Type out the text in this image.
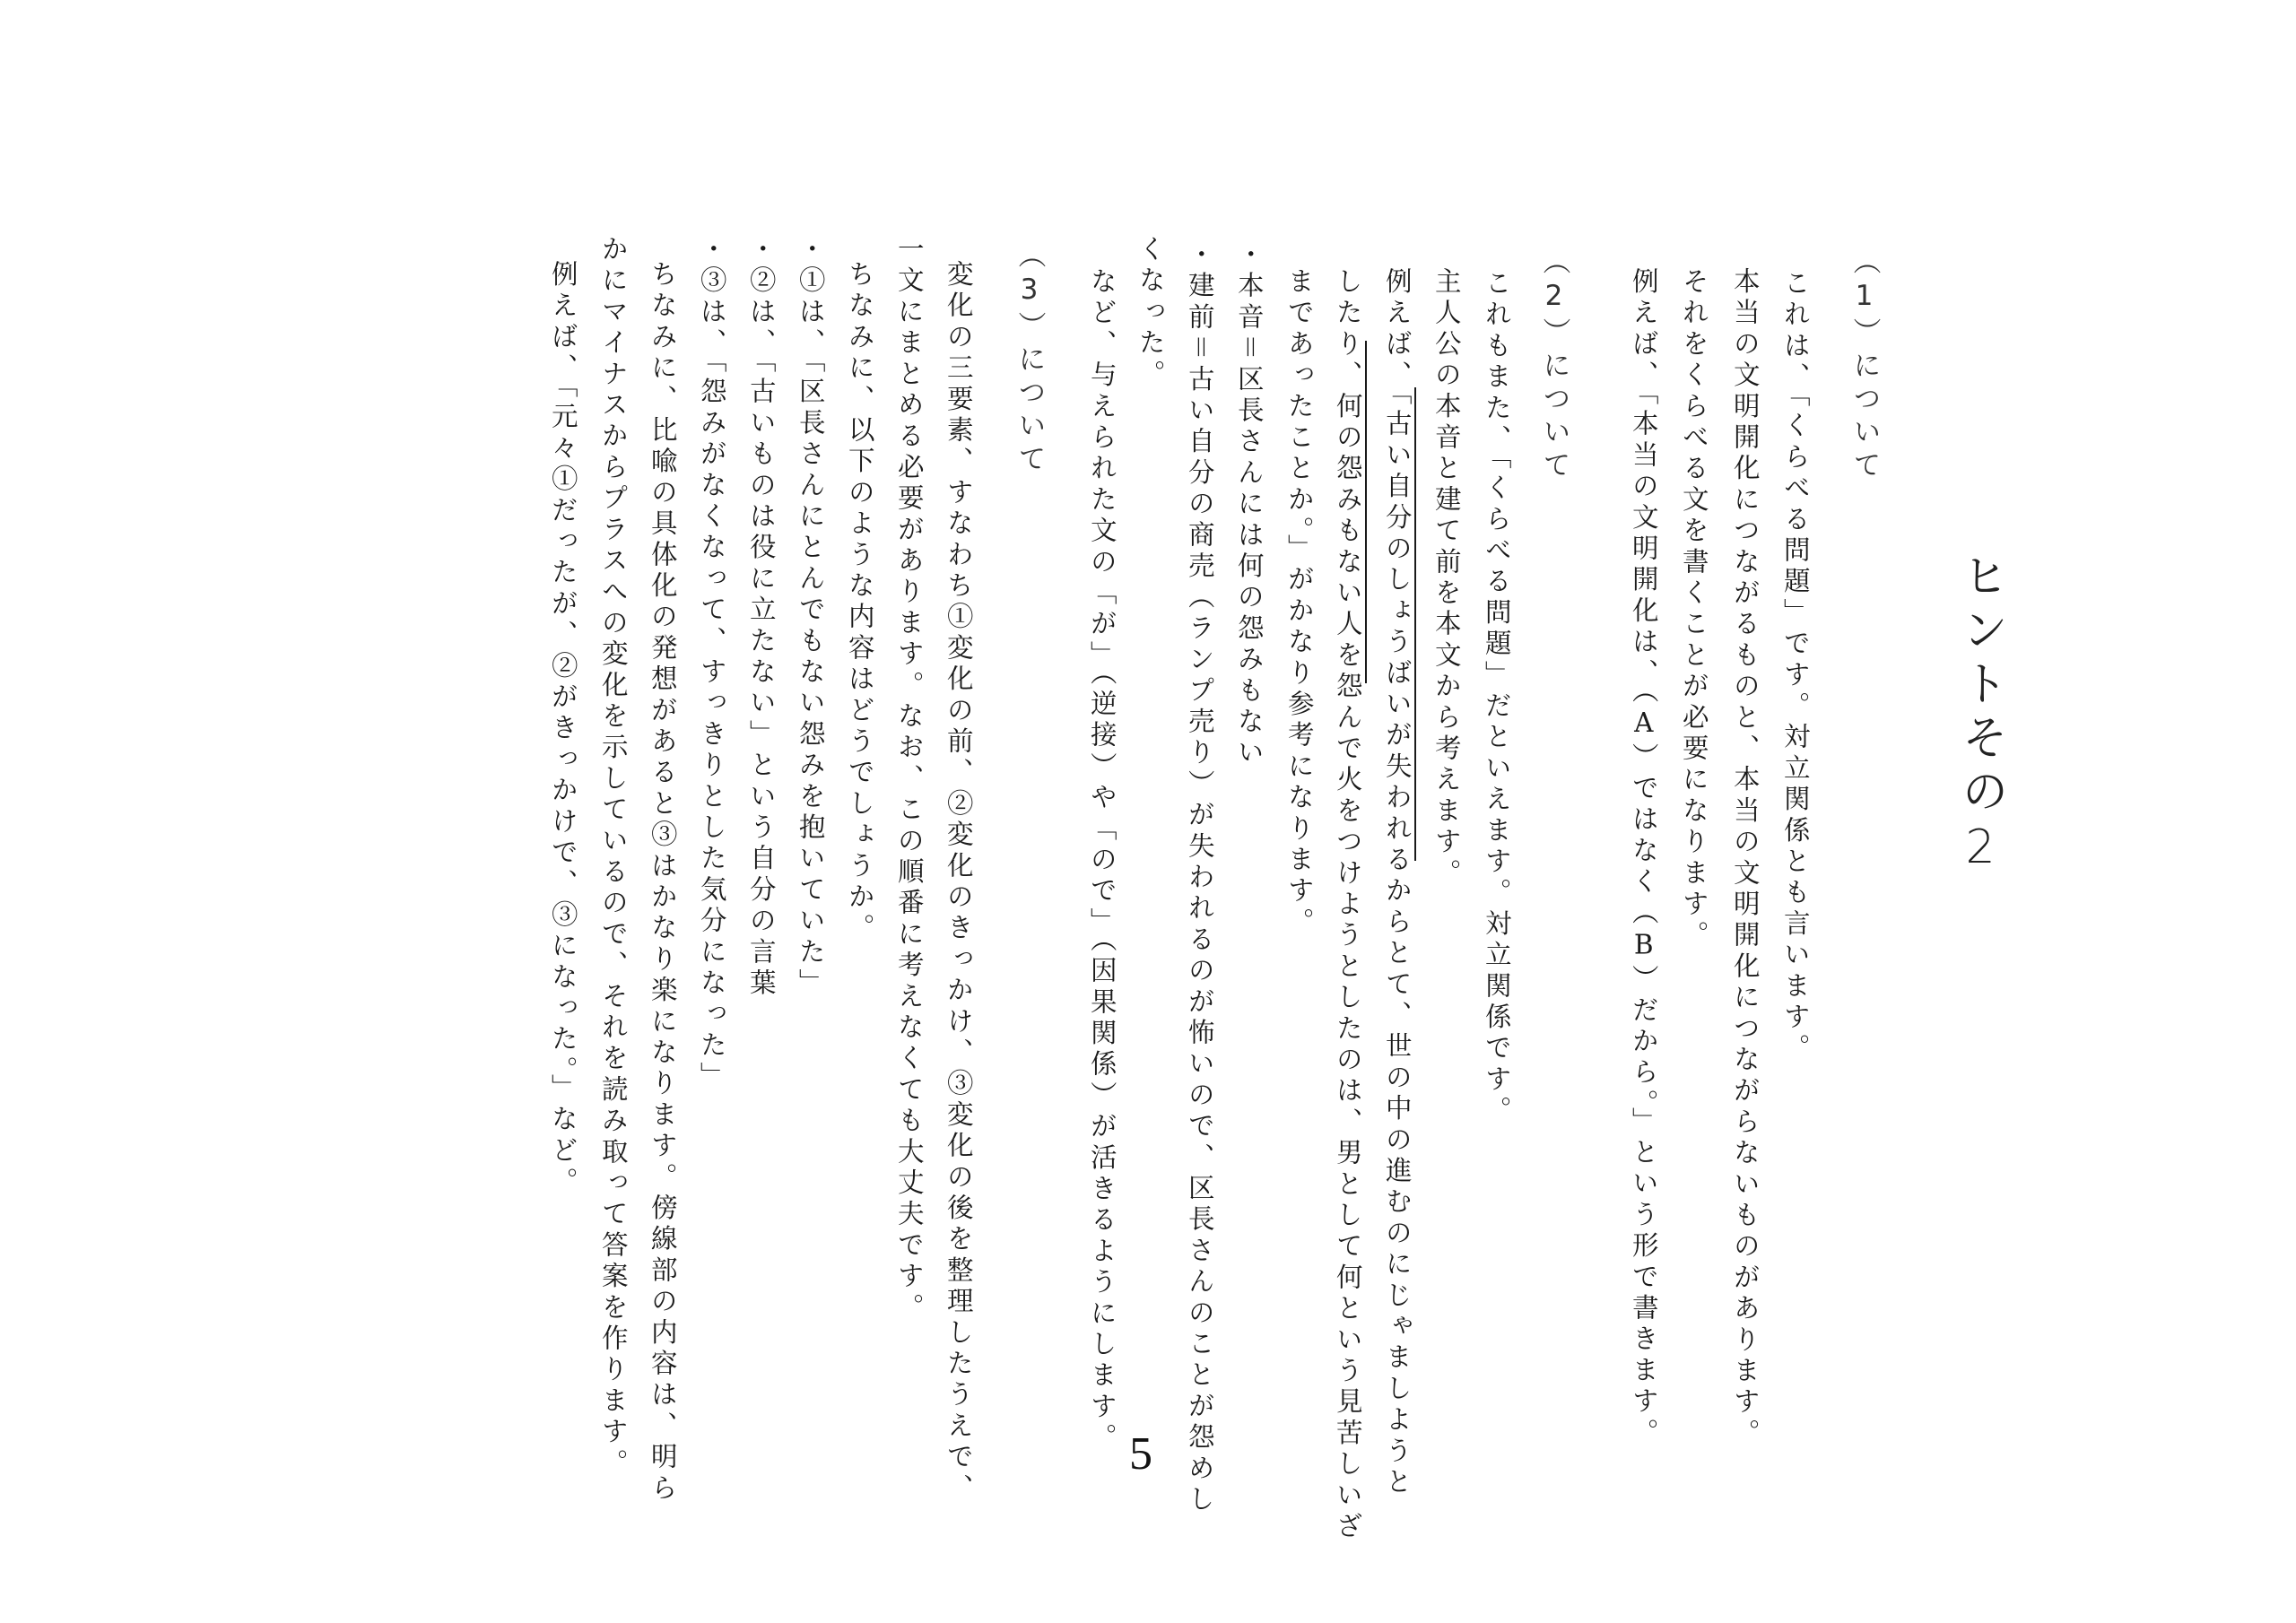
ヒントその2
（1）について
これは、「くらべる問題」です。対立関係とも言います。
本当の文明開化につながるものと、本当の文明開化につながらないものがあります。
それをくらべる文を書くことが必要になります。
例えば、「本当の文明開化は、（A）ではなく（B）だから。」という形で書きます。
（2）について
これもまた、「くらべる問題」だといえます。対立関係です。
主人公の本音と建て前を本文から考えます。
例えば、「古い自分のしょうばいが失われるからとて、世の中の進むのにじゃましようと
したり、何の怨みもない人を怨んで火をつけようとしたのは、男として何という見苦しいざ
まであったことか。」がかなり参考になります。
・本音＝区長さんには何の怨みもない
・建前＝古い自分の商売（ランプ売り）が失われるのが怖いので、区長さんのことが怨めし
くなった。
など、与えられた文の「が」（逆接）や「ので」（因果関係）が活きるようにします。
（3）について
変化の三要素、すなわち①変化の前、②変化のきっかけ、③変化の後を整理したうえで、
一文にまとめる必要があります。なお、この順番に考えなくても大丈夫です。
ちなみに、以下のような内容はどうでしょうか。
・①は、「区長さんにとんでもない怨みを抱いていた」
・②は、「古いものは役に立たない」という自分の言葉
・③は、「怨みがなくなって、すっきりとした気分になった」
ちなみに、比喩の具体化の発想があると③はかなり楽になります。傍線部の内容は、明ら
かにマイナスからプラスへの変化を示しているので、それを読み取って答案を作ります。
例えば、「元々①だったが、②がきっかけで、③になった。」など。
5
